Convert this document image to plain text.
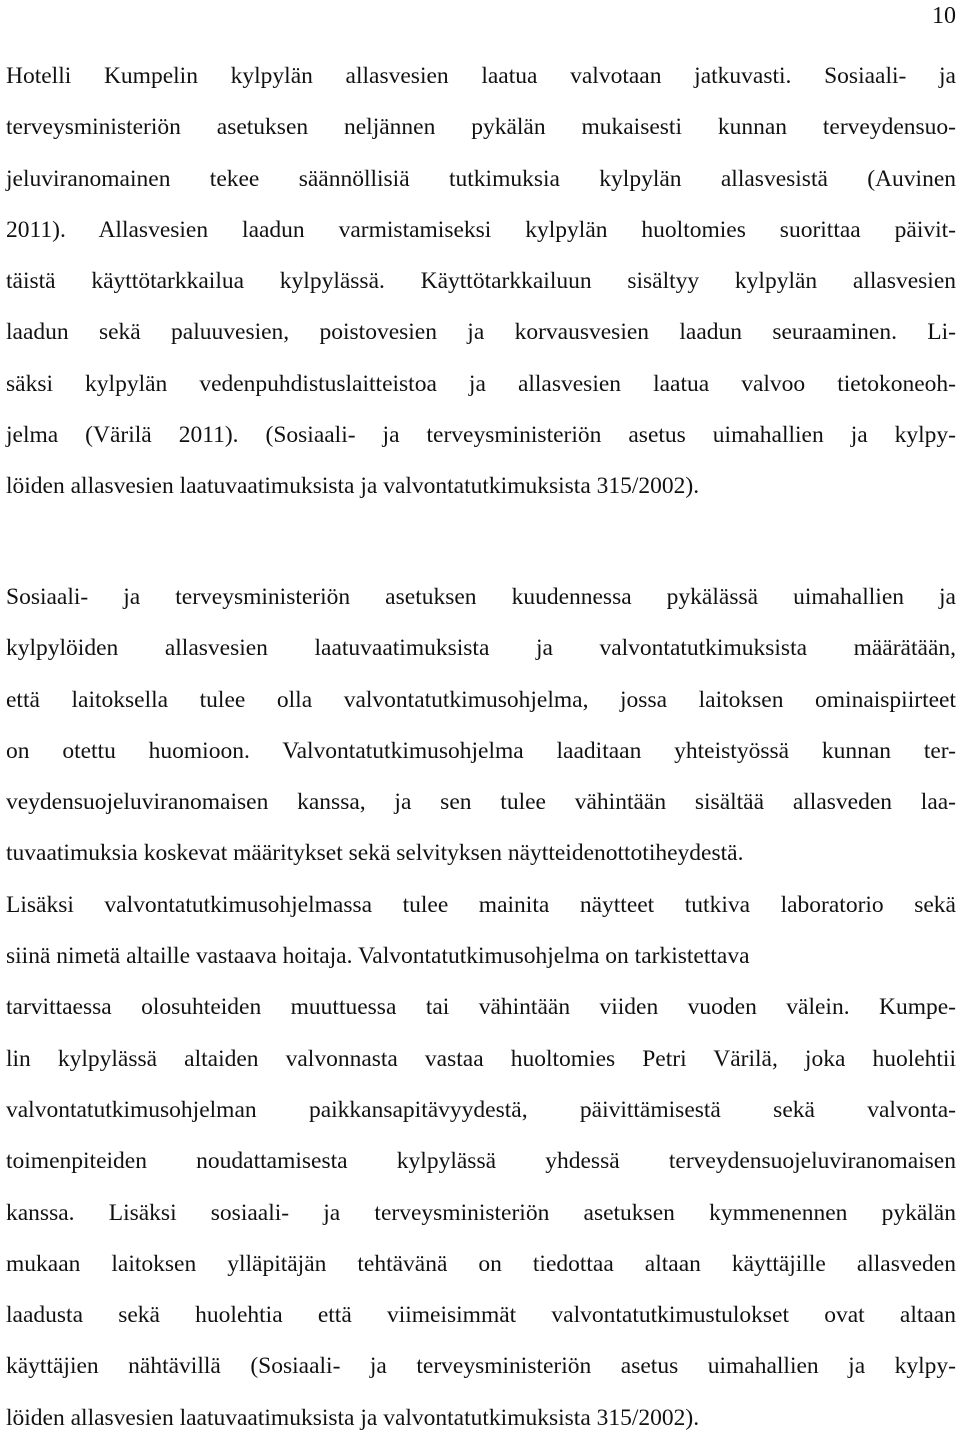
10
Hotelli Kumpelin kylpylän allasvesien laatua valvotaan jatkuvasti. Sosiaali- ja
terveysministeriön asetuksen neljännen pykälän mukaisesti kunnan terveydensuo-
jeluviranomainen tekee säännöllisiä tutkimuksia kylpylän allasvesistä (Auvinen
2011). Allasvesien laadun varmistamiseksi kylpylän huoltomies suorittaa päivit-
täistä käyttötarkkailua kylpylässä. Käyttötarkkailuun sisältyy kylpylän allasvesien
laadun sekä paluuvesien, poistovesien ja korvausvesien laadun seuraaminen. Li-
säksi kylpylän vedenpuhdistuslaitteistoa ja allasvesien laatua valvoo tietokoneoh-
jelma (Värilä 2011). (Sosiaali- ja terveysministeriön asetus uimahallien ja kylpy-
löiden allasvesien laatuvaatimuksista ja valvontatutkimuksista 315/2002).
Sosiaali- ja terveysministeriön asetuksen kuudennessa pykälässä uimahallien ja
kylpylöiden allasvesien laatuvaatimuksista ja valvontatutkimuksista määrätään,
että laitoksella tulee olla valvontatutkimusohjelma, jossa laitoksen ominaispiirteet
on otettu huomioon. Valvontatutkimusohjelma laaditaan yhteistyössä kunnan ter-
veydensuojeluviranomaisen kanssa, ja sen tulee vähintään sisältää allasveden laa-
tuvaatimuksia koskevat määritykset sekä selvityksen näytteidenottotiheydestä.
Lisäksi valvontatutkimusohjelmassa tulee mainita näytteet tutkiva laboratorio sekä
siinä nimetä altaille vastaava hoitaja. Valvontatutkimusohjelma on tarkistettava
tarvittaessa olosuhteiden muuttuessa tai vähintään viiden vuoden välein. Kumpe-
lin kylpylässä altaiden valvonnasta vastaa huoltomies Petri Värilä, joka huolehtii
valvontatutkimusohjelman paikkansapitävyydestä, päivittämisestä sekä valvonta-
toimenpiteiden noudattamisesta kylpylässä yhdessä terveydensuojeluviranomaisen
kanssa. Lisäksi sosiaali- ja terveysministeriön asetuksen kymmenennen pykälän
mukaan laitoksen ylläpitäjän tehtävänä on tiedottaa altaan käyttäjille allasveden
laadusta sekä huolehtia että viimeisimmät valvontatutkimustulokset ovat altaan
käyttäjien nähtävillä (Sosiaali- ja terveysministeriön asetus uimahallien ja kylpy-
löiden allasvesien laatuvaatimuksista ja valvontatutkimuksista 315/2002).
